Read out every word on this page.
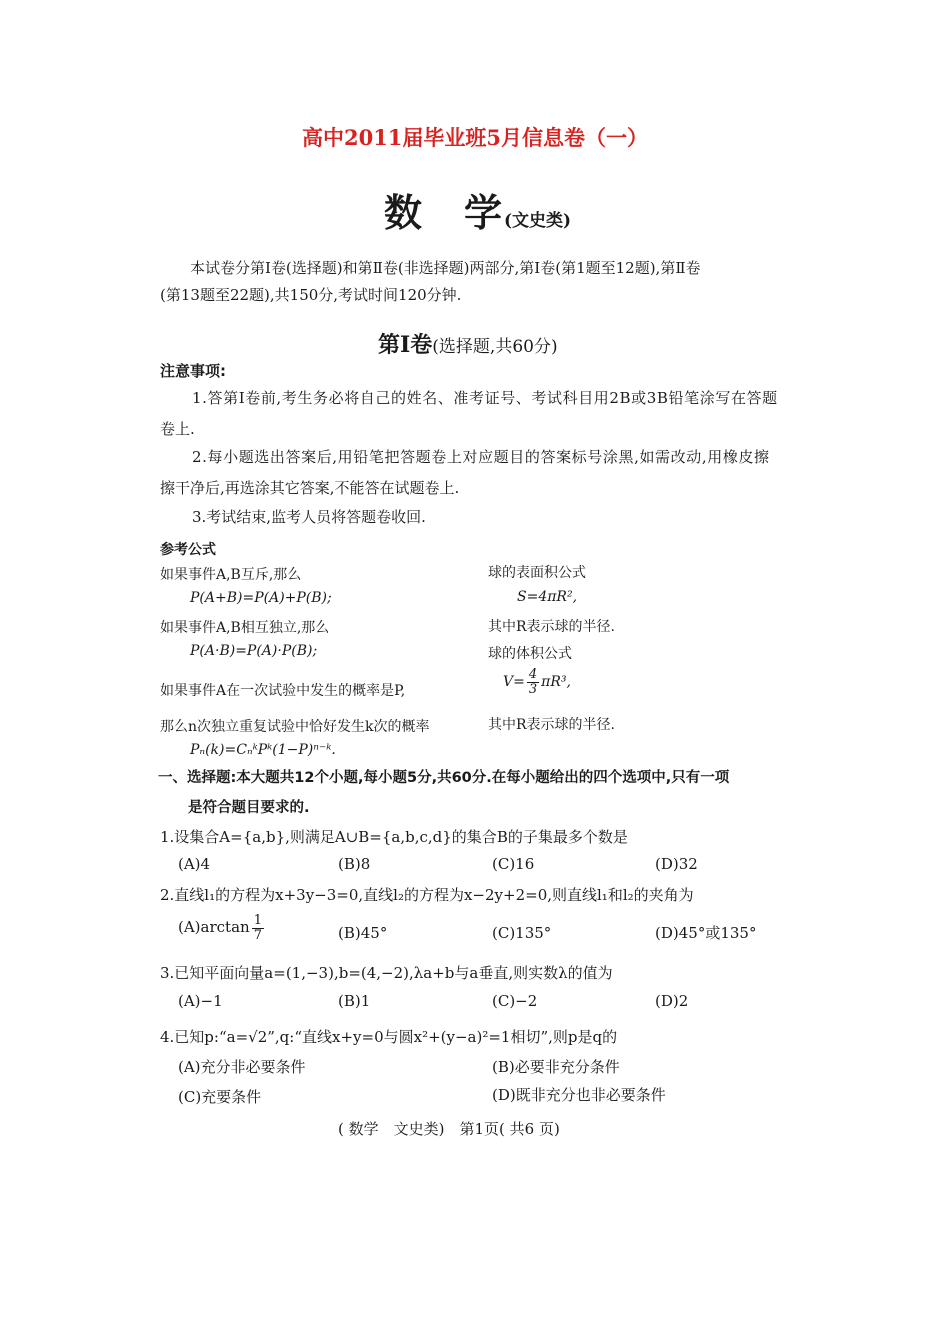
高中2011届毕业班5月信息卷（一）
数　学(文史类)
本试卷分第Ⅰ卷(选择题)和第Ⅱ卷(非选择题)两部分,第Ⅰ卷(第1题至12题),第Ⅱ卷
(第13题至22题),共150分,考试时间120分钟.
第Ⅰ卷(选择题,共60分)
注意事项:
1.答第Ⅰ卷前,考生务必将自己的姓名、准考证号、考试科目用2B或3B铅笔涂写在答题
卷上.
2.每小题选出答案后,用铅笔把答题卷上对应题目的答案标号涂黑,如需改动,用橡皮擦
擦干净后,再选涂其它答案,不能答在试题卷上.
3.考试结束,监考人员将答题卷收回.
参考公式
如果事件A,B互斥,那么
P(A+B)=P(A)+P(B);
如果事件A,B相互独立,那么
P(A·B)=P(A)·P(B);
如果事件A在一次试验中发生的概率是P,
那么n次独立重复试验中恰好发生k次的概率
Pₙ(k)=CₙᵏPᵏ(1−P)ⁿ⁻ᵏ.
球的表面积公式
S=4πR²,
其中R表示球的半径.
球的体积公式
$V= \frac{4}{3} \pi R^3$,
其中R表示球的半径.
一、选择题:本大题共12个小题,每小题5分,共60分.在每小题给出的四个选项中,只有一项
是符合题目要求的.
1.设集合A={a,b},则满足A∪B={a,b,c,d}的集合B的子集最多个数是
(A)4	(B)8	(C)16	(D)32
2.直线l₁的方程为x+3y−3=0,直线l₂的方程为x−2y+2=0,则直线l₁和l₂的夹角为
$(A)\arctan \frac{1}{7}$	(B)45°	(C)135°	(D)45°或135°
3.已知平面向量a=(1,−3),b=(4,−2),λa+b与a垂直,则实数λ的值为
(A)−1	(B)1	(C)−2	(D)2
4.已知p:“a=√2”,q:“直线x+y=0与圆x²+(y−a)²=1相切”,则p是q的
(A)充分非必要条件	(B)必要非充分条件
(C)充要条件	(D)既非充分也非必要条件
( 数学　文史类)　第1页( 共6 页)
